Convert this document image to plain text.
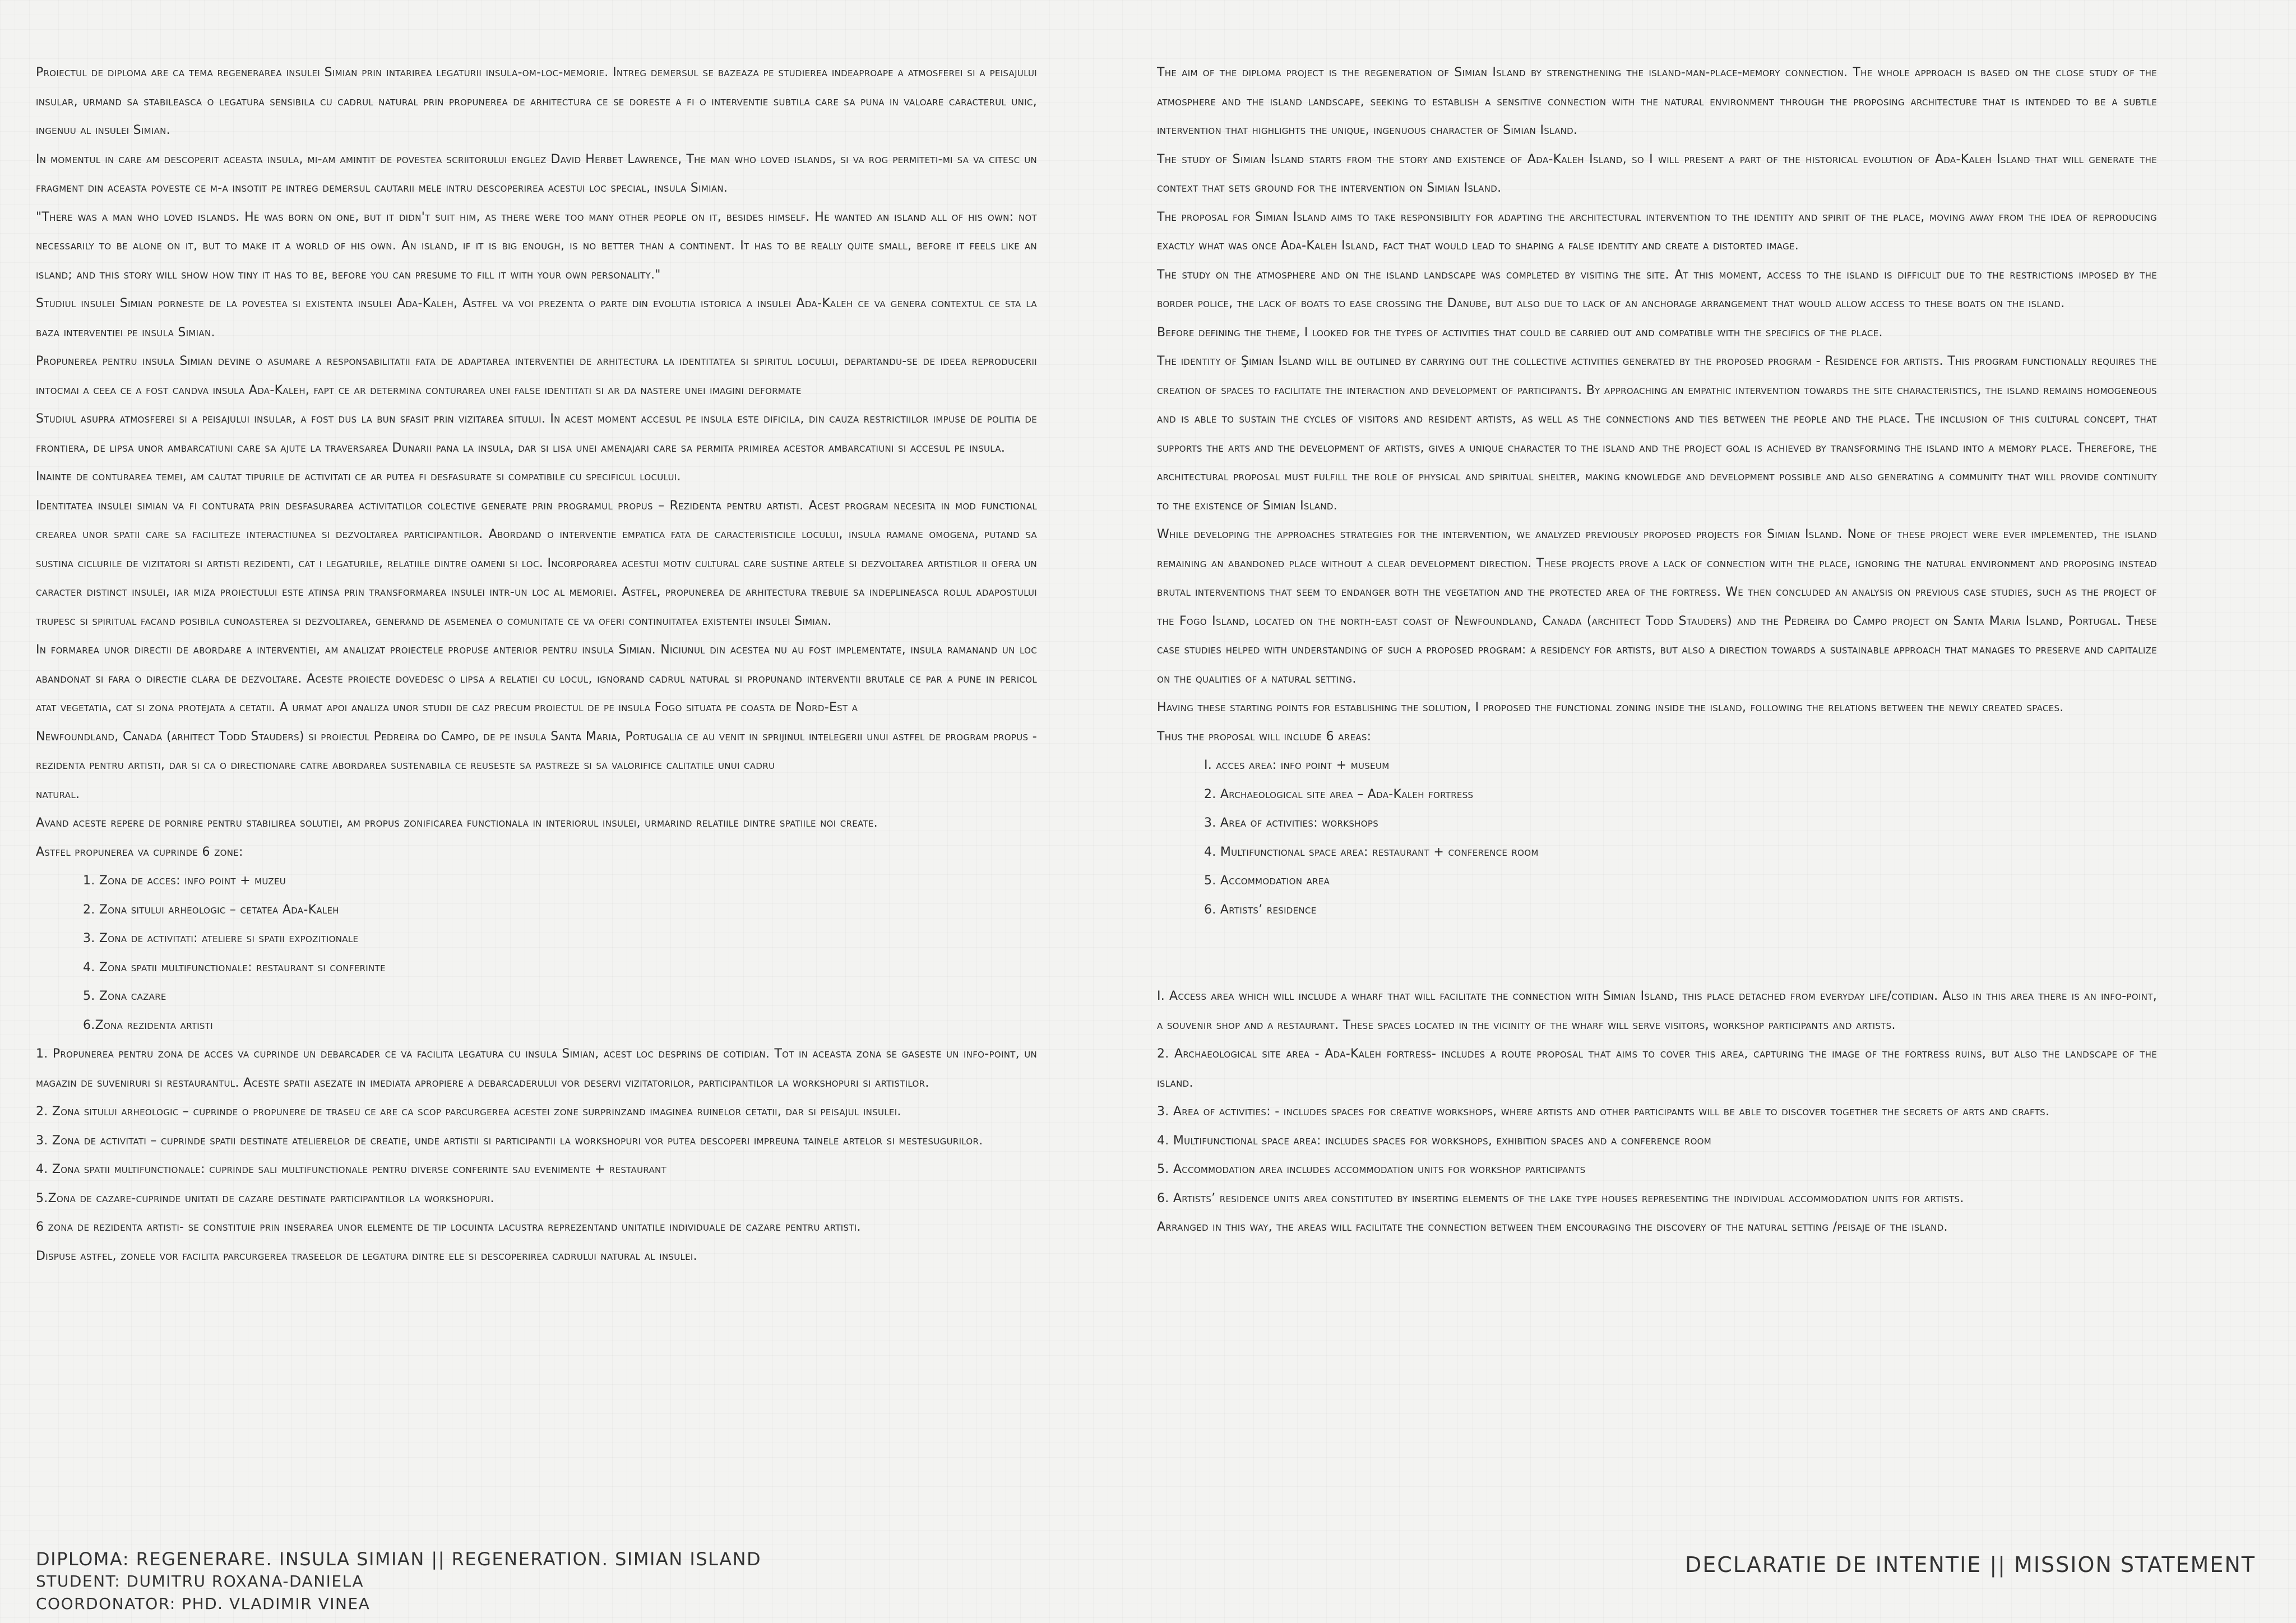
Proiectul de diploma are ca tema regenerarea insulei Simian prin intarirea legaturii insula-om-loc-memorie. Intreg demersul se bazeaza pe studierea indeaproape a atmosferei si a peisajului insular, urmand sa stabileasca o legatura sensibila cu cadrul natural prin propunerea de arhitectura ce se doreste a fi o interventie subtila care sa puna in valoare caracterul unic, ingenuu al insulei Simian.

In momentul in care am descoperit aceasta insula, mi-am amintit de povestea scriitorului englez David Herbet Lawrence, The man who loved islands, si va rog permiteti-mi sa va citesc un fragment din aceasta poveste ce m-a insotit pe intreg demersul cautarii mele intru descoperirea acestui loc special, insula Simian.

"There was a man who loved islands. He was born on one, but it didn't suit him, as there were too many other people on it, besides himself. He wanted an island all of his own: not necessarily to be alone on it, but to make it a world of his own. An island, if it is big enough, is no better than a continent. It has to be really quite small, before it feels like an island; and this story will show how tiny it has to be, before you can presume to fill it with your own personality."

Studiul insulei Simian porneste de la povestea si existenta insulei Ada-Kaleh, Astfel va voi prezenta o parte din evolutia istorica a insulei Ada-Kaleh ce va genera contextul ce sta la baza interventiei pe insula Simian.

Propunerea pentru insula Simian devine o asumare a responsabilitatii fata de adaptarea interventiei de arhitectura la identitatea si spiritul locului, departandu-se de ideea reproducerii intocmai a ceea ce a fost candva insula Ada-Kaleh, fapt ce ar determina conturarea unei false identitati si ar da nastere unei imagini deformate

Studiul asupra atmosferei si a peisajului insular, a fost dus la bun sfasit prin vizitarea sitului. In acest moment accesul pe insula este dificila, din cauza restrictiilor impuse de politia de frontiera, de lipsa unor ambarcatiuni care sa ajute la traversarea Dunarii pana la insula, dar si lisa unei amenajari care sa permita primirea acestor ambarcatiuni si accesul pe insula.

Inainte de conturarea temei, am cautat tipurile de activitati ce ar putea fi desfasurate si compatibile cu specificul locului.

Identitatea insulei simian va fi conturata prin desfasurarea activitatilor colective generate prin programul propus – Rezidenta pentru artisti. Acest program necesita in mod functional crearea unor spatii care sa faciliteze interactiunea si dezvoltarea participantilor. Abordand o interventie empatica fata de caracteristicile locului, insula ramane omogena, putand sa sustina ciclurile de vizitatori si artisti rezidenti, cat i legaturile, relatiile dintre oameni si loc. Incorporarea acestui motiv cultural care sustine artele si dezvoltarea artistilor ii ofera un caracter distinct insulei, iar miza proiectului este atinsa prin transformarea insulei intr-un loc al memoriei. Astfel, propunerea de arhitectura trebuie sa indeplineasca rolul adapostului trupesc si spiritual facand posibila cunoasterea si dezvoltarea, generand de asemenea o comunitate ce va oferi continuitatea existentei insulei Simian.

In formarea unor directii de abordare a interventiei, am analizat proiectele propuse anterior pentru insula Simian. Niciunul din acestea nu au fost implementate, insula ramanand un loc abandonat si fara o directie clara de dezvoltare. Aceste proiecte dovedesc o lipsa a relatiei cu locul, ignorand cadrul natural si propunand interventii brutale ce par a pune in pericol atat vegetatia, cat si zona protejata a cetatii. A urmat apoi analiza unor studii de caz precum proiectul de pe insula Fogo situata pe coasta de Nord-Est a

Newfoundland, Canada (arhitect Todd Stauders) si proiectul Pedreira do Campo, de pe insula Santa Maria, Portugalia ce au venit in sprijinul intelegerii unui astfel de program propus - rezidenta pentru artisti, dar si ca o directionare catre abordarea sustenabila ce reuseste sa pastreze si sa valorifice calitatile unui cadru

natural.

Avand aceste repere de pornire pentru stabilirea solutiei, am propus zonificarea functionala in interiorul insulei, urmarind relatiile dintre spatiile noi create.

Astfel propunerea va cuprinde 6 zone:

1. Zona de acces: info point + muzeu
2. Zona sitului arheologic – cetatea Ada-Kaleh
3. Zona de activitati: ateliere si spatii expozitionale
4. Zona spatii multifunctionale: restaurant si conferinte
5. Zona cazare
6.Zona rezidenta artisti

1. Propunerea pentru zona de acces va cuprinde un debarcader ce va facilita legatura cu insula Simian, acest loc desprins de cotidian. Tot in aceasta zona se gaseste un info-point, un magazin de suveniruri si restaurantul. Aceste spatii asezate in imediata apropiere a debarcaderului vor deservi vizitatorilor, participantilor la workshopuri si artistilor.

2. Zona sitului arheologic – cuprinde o propunere de traseu ce are ca scop parcurgerea acestei zone surprinzand imaginea ruinelor cetatii, dar si peisajul insulei.

3. Zona de activitati – cuprinde spatii destinate atelierelor de creatie, unde artistii si participantii la workshopuri vor putea descoperi impreuna tainele artelor si mestesugurilor.

4. Zona spatii multifunctionale: cuprinde sali multifunctionale pentru diverse conferinte sau evenimente + restaurant

5.Zona de cazare-cuprinde unitati de cazare destinate participantilor la workshopuri.

6 zona de rezidenta artisti- se constituie prin inserarea unor elemente de tip locuinta lacustra reprezentand unitatile individuale de cazare pentru artisti.

Dispuse astfel, zonele vor facilita parcurgerea traseelor de legatura dintre ele si descoperirea cadrului natural al insulei.

The aim of the diploma project is the regeneration of Simian Island by strengthening the island-man-place-memory connection. The whole approach is based on the close study of the atmosphere and the island landscape, seeking to establish a sensitive connection with the natural environment through the proposing architecture that is intended to be a subtle intervention that highlights the unique, ingenuous character of Simian Island.

The study of Simian Island starts from the story and existence of Ada-Kaleh Island, so I will present a part of the historical evolution of Ada-Kaleh Island that will generate the context that sets ground for the intervention on Simian Island.

The proposal for Simian Island aims to take responsibility for adapting the architectural intervention to the identity and spirit of the place, moving away from the idea of reproducing exactly what was once Ada-Kaleh Island, fact that would lead to shaping a false identity and create a distorted image.

The study on the atmosphere and on the island landscape was completed by visiting the site. At this moment, access to the island is difficult due to the restrictions imposed by the border police, the lack of boats to ease crossing the Danube, but also due to lack of an anchorage arrangement that would allow access to these boats on the island.

Before defining the theme, I looked for the types of activities that could be carried out and compatible with the specifics of the place.

The identity of Şimian Island will be outlined by carrying out the collective activities generated by the proposed program - Residence for artists. This program functionally requires the creation of spaces to facilitate the interaction and development of participants. By approaching an empathic intervention towards the site characteristics, the island remains homogeneous and is able to sustain the cycles of visitors and resident artists, as well as the connections and ties between the people and the place. The inclusion of this cultural concept, that supports the arts and the development of artists, gives a unique character to the island and the project goal is achieved by transforming the island into a memory place. Therefore, the architectural proposal must fulfill the role of physical and spiritual shelter, making knowledge and development possible and also generating a community that will provide continuity to the existence of Simian Island.

While developing the approaches strategies for the intervention, we analyzed previously proposed projects for Simian Island. None of these project were ever implemented, the island remaining an abandoned place without a clear development direction. These projects prove a lack of connection with the place, ignoring the natural environment and proposing instead brutal interventions that seem to endanger both the vegetation and the protected area of the fortress. We then concluded an analysis on previous case studies, such as the project of the Fogo Island, located on the north-east coast of Newfoundland, Canada (architect Todd Stauders) and the Pedreira do Campo project on Santa Maria Island, Portugal. These case studies helped with understanding of such a proposed program: a residency for artists, but also a direction towards a sustainable approach that manages to preserve and capitalize on the qualities of a natural setting.

Having these starting points for establishing the solution, I proposed the functional zoning inside the island, following the relations between the newly created spaces.

Thus the proposal will include 6 areas:

I. acces area: info point + museum
2. Archaeological site area – Ada-Kaleh fortress
3. Area of activities: workshops
4. Multifunctional space area: restaurant + conference room
5. Accommodation area
6. Artists’ residence

I. Access area which will include a wharf that will facilitate the connection with Simian Island, this place detached from everyday life/cotidian. Also in this area there is an info-point, a souvenir shop and a restaurant. These spaces located in the vicinity of the wharf will serve visitors, workshop participants and artists.

2. Archaeological site area - Ada-Kaleh fortress- includes a route proposal that aims to cover this area, capturing the image of the fortress ruins, but also the landscape of the island.

3. Area of activities: - includes spaces for creative workshops, where artists and other participants will be able to discover together the secrets of arts and crafts.

4. Multifunctional space area: includes spaces for workshops, exhibition spaces and a conference room

5. Accommodation area includes accommodation units for workshop participants

6. Artists’ residence units area constituted by inserting elements of the lake type houses representing the individual accommodation units for artists.

Arranged in this way, the areas will facilitate the connection between them encouraging the discovery of the natural setting /peisaje of the island.

DIPLOMA: REGENERARE. INSULA SIMIAN || REGENERATION. SIMIAN ISLAND
STUDENT: DUMITRU ROXANA-DANIELA
COORDONATOR: PHD. VLADIMIR VINEA
DECLARATIE DE INTENTIE || MISSION STATEMENT
